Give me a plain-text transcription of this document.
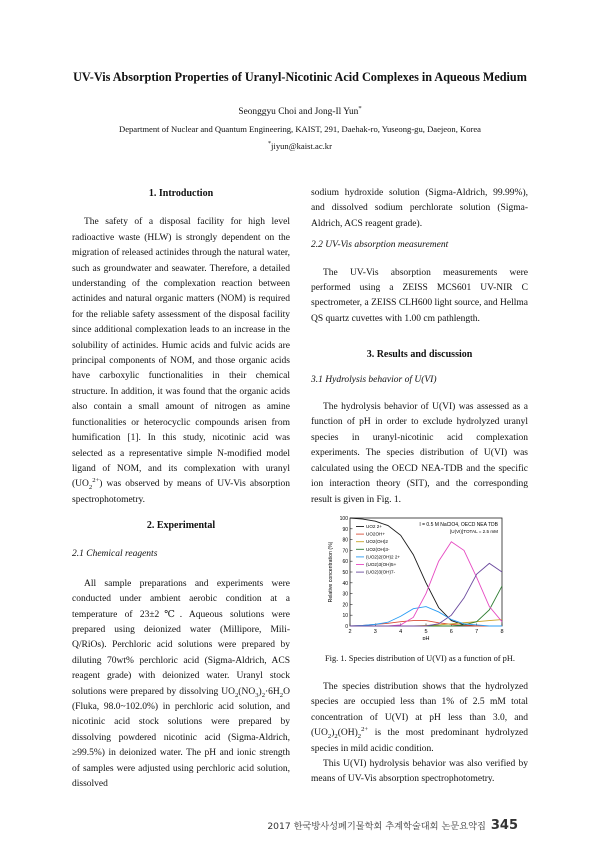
UV-Vis Absorption Properties of Uranyl-Nicotinic Acid Complexes in Aqueous Medium
Seonggyu Choi and Jong-Il Yun*
Department of Nuclear and Quantum Engineering, KAIST, 291, Daehak-ro, Yuseong-gu, Daejeon, Korea
*jiyun@kaist.ac.kr
1. Introduction

The safety of a disposal facility for high level radioactive waste (HLW) is strongly dependent on the migration of released actinides through the natural water, such as groundwater and seawater. Therefore, a detailed understanding of the complexation reaction between actinides and natural organic matters (NOM) is required for the reliable safety assessment of the disposal facility since additional complexation leads to an increase in the solubility of actinides. Humic acids and fulvic acids are principal components of NOM, and those organic acids have carboxylic functionalities in their chemical structure. In addition, it was found that the organic acids also contain a small amount of nitrogen as amine functionalities or heterocyclic compounds arisen from humification [1]. In this study, nicotinic acid was selected as a representative simple N-modified model ligand of NOM, and its complexation with uranyl $(UO_2^{2+})$ was observed by means of UV-Vis absorption spectrophotometry.

2. Experimental
2.1 Chemical reagents

All sample preparations and experiments were conducted under ambient aerobic condition at a temperature of 23±2℃. Aqueous solutions were prepared using deionized water (Millipore, Mili-Q/RiOs). Perchloric acid solutions were prepared by diluting 70wt% perchloric acid (Sigma-Aldrich, ACS reagent grade) with deionized water. Uranyl stock solutions were prepared by dissolving $UO_2(NO_3)_2\cdot 6H_2O$ (Fluka, 98.0~102.0%) in perchloric acid solution, and nicotinic acid stock solutions were prepared by dissolving powdered nicotinic acid (Sigma-Aldrich, ≥99.5%) in deionized water. The pH and ionic strength of samples were adjusted using perchloric acid solution, dissolved

sodium hydroxide solution (Sigma-Aldrich, 99.99%), and dissolved sodium perchlorate solution (Sigma-Aldrich, ACS reagent grade).

2.2 UV-Vis absorption measurement

The UV-Vis absorption measurements were performed using a ZEISS MCS601 UV-NIR C spectrometer, a ZEISS CLH600 light source, and Hellma QS quartz cuvettes with 1.00 cm pathlength.

3. Results and discussion
3.1 Hydrolysis behavior of U(VI)

The hydrolysis behavior of U(VI) was assessed as a function of pH in order to exclude hydrolyzed uranyl species in uranyl-nicotinic acid complexation experiments. The species distribution of U(VI) was calculated using the OECD NEA-TDB and the specific ion interaction theory (SIT), and the corresponding result is given in Fig. 1.

0
10
20
30
40
50
60
70
80
90
100
2	3	4	5	6	7	8
pH
Relative concentration (%)
I = 0.5 M NaClO4, OECD NEA TDB
[U(VI)]TOTAL = 2.5 mM
UO2 2+
UO2OH+
UO2(OH)2
UO2(OH)3-
(UO2)2(OH)2 2+
(UO2)3(OH)5+
(UO2)3(OH)7-
Fig. 1. Species distribution of U(VI) as a function of pH.

The species distribution shows that the hydrolyzed species are occupied less than 1% of 2.5 mM total concentration of U(VI) at pH less than 3.0, and $(UO_2)_2(OH)_2^{2+}$ is the most predominant hydrolyzed species in mild acidic condition.

This U(VI) hydrolysis behavior was also verified by means of UV-Vis absorption spectrophotometry.

2017 한국방사성폐기물학회 추계학술대회 논문요약집 345
